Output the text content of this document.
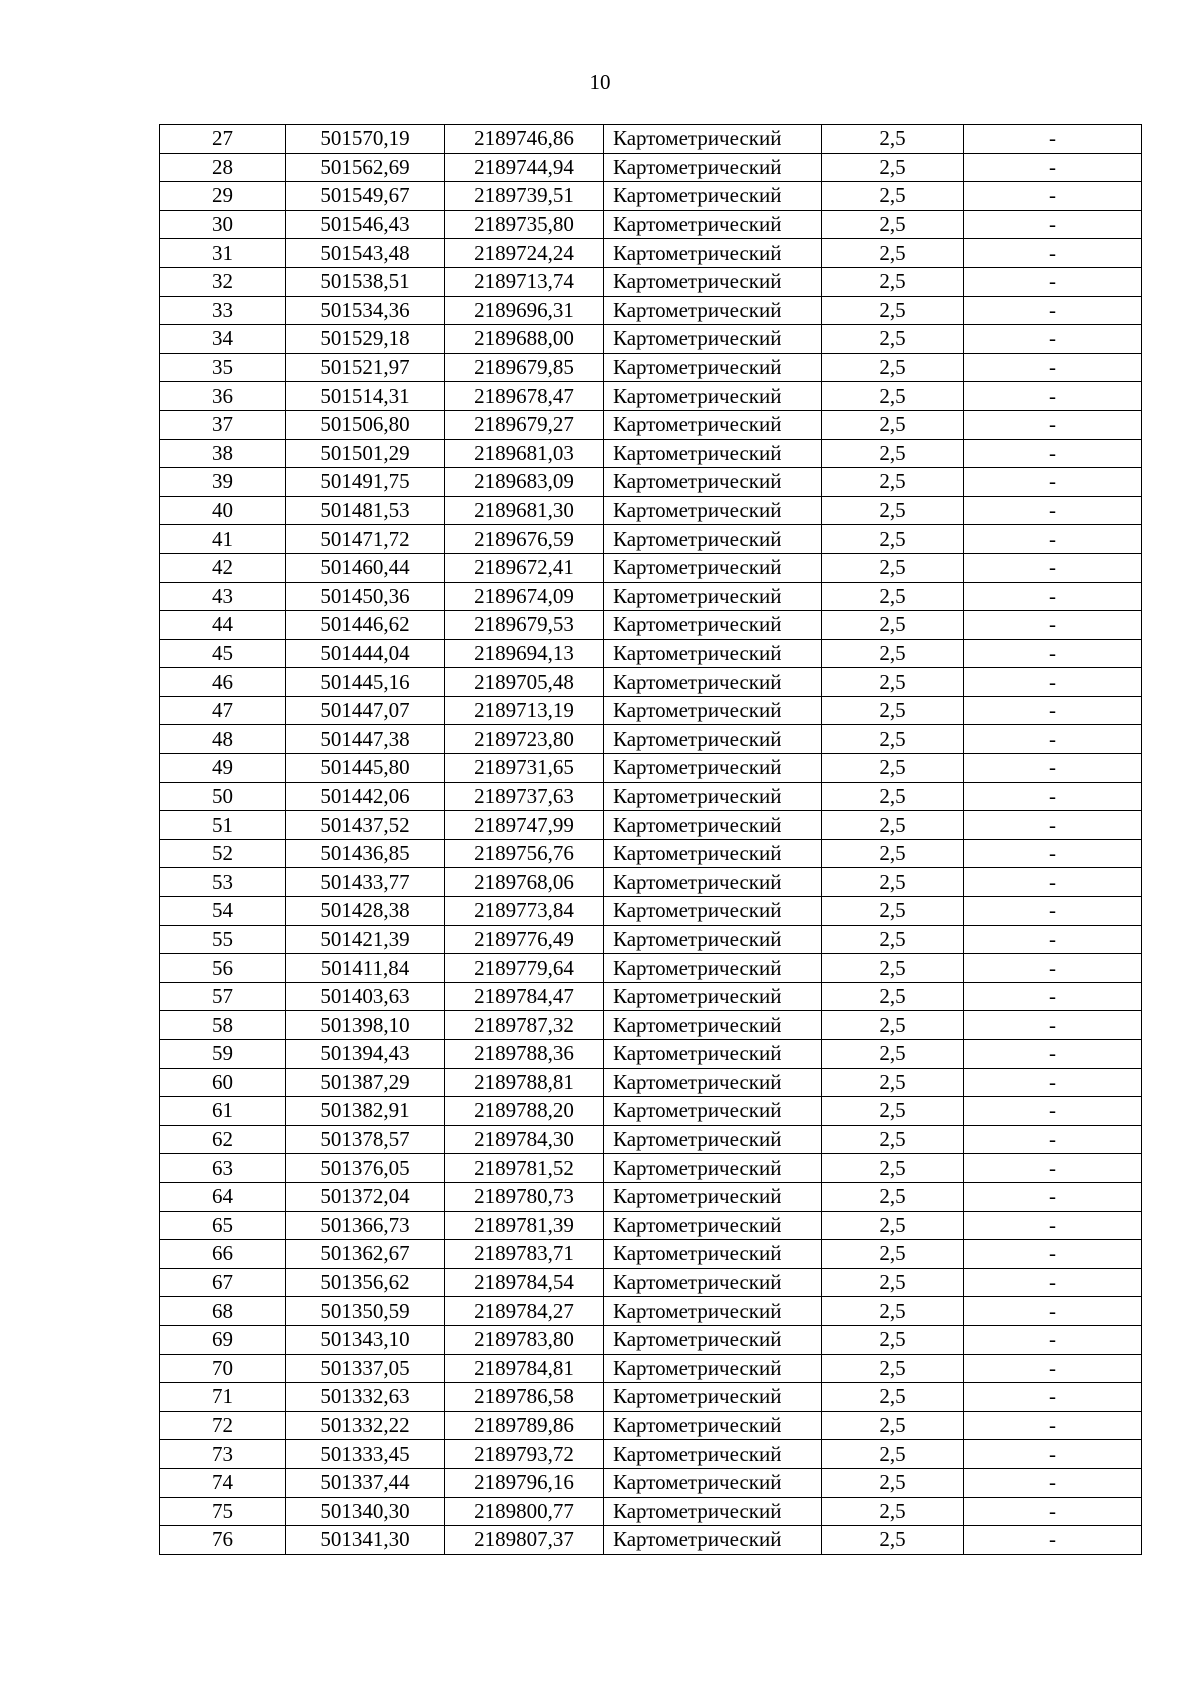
10
27	501570,19	2189746,86	Картометрический	2,5	-
28	501562,69	2189744,94	Картометрический	2,5	-
29	501549,67	2189739,51	Картометрический	2,5	-
30	501546,43	2189735,80	Картометрический	2,5	-
31	501543,48	2189724,24	Картометрический	2,5	-
32	501538,51	2189713,74	Картометрический	2,5	-
33	501534,36	2189696,31	Картометрический	2,5	-
34	501529,18	2189688,00	Картометрический	2,5	-
35	501521,97	2189679,85	Картометрический	2,5	-
36	501514,31	2189678,47	Картометрический	2,5	-
37	501506,80	2189679,27	Картометрический	2,5	-
38	501501,29	2189681,03	Картометрический	2,5	-
39	501491,75	2189683,09	Картометрический	2,5	-
40	501481,53	2189681,30	Картометрический	2,5	-
41	501471,72	2189676,59	Картометрический	2,5	-
42	501460,44	2189672,41	Картометрический	2,5	-
43	501450,36	2189674,09	Картометрический	2,5	-
44	501446,62	2189679,53	Картометрический	2,5	-
45	501444,04	2189694,13	Картометрический	2,5	-
46	501445,16	2189705,48	Картометрический	2,5	-
47	501447,07	2189713,19	Картометрический	2,5	-
48	501447,38	2189723,80	Картометрический	2,5	-
49	501445,80	2189731,65	Картометрический	2,5	-
50	501442,06	2189737,63	Картометрический	2,5	-
51	501437,52	2189747,99	Картометрический	2,5	-
52	501436,85	2189756,76	Картометрический	2,5	-
53	501433,77	2189768,06	Картометрический	2,5	-
54	501428,38	2189773,84	Картометрический	2,5	-
55	501421,39	2189776,49	Картометрический	2,5	-
56	501411,84	2189779,64	Картометрический	2,5	-
57	501403,63	2189784,47	Картометрический	2,5	-
58	501398,10	2189787,32	Картометрический	2,5	-
59	501394,43	2189788,36	Картометрический	2,5	-
60	501387,29	2189788,81	Картометрический	2,5	-
61	501382,91	2189788,20	Картометрический	2,5	-
62	501378,57	2189784,30	Картометрический	2,5	-
63	501376,05	2189781,52	Картометрический	2,5	-
64	501372,04	2189780,73	Картометрический	2,5	-
65	501366,73	2189781,39	Картометрический	2,5	-
66	501362,67	2189783,71	Картометрический	2,5	-
67	501356,62	2189784,54	Картометрический	2,5	-
68	501350,59	2189784,27	Картометрический	2,5	-
69	501343,10	2189783,80	Картометрический	2,5	-
70	501337,05	2189784,81	Картометрический	2,5	-
71	501332,63	2189786,58	Картометрический	2,5	-
72	501332,22	2189789,86	Картометрический	2,5	-
73	501333,45	2189793,72	Картометрический	2,5	-
74	501337,44	2189796,16	Картометрический	2,5	-
75	501340,30	2189800,77	Картометрический	2,5	-
76	501341,30	2189807,37	Картометрический	2,5	-
